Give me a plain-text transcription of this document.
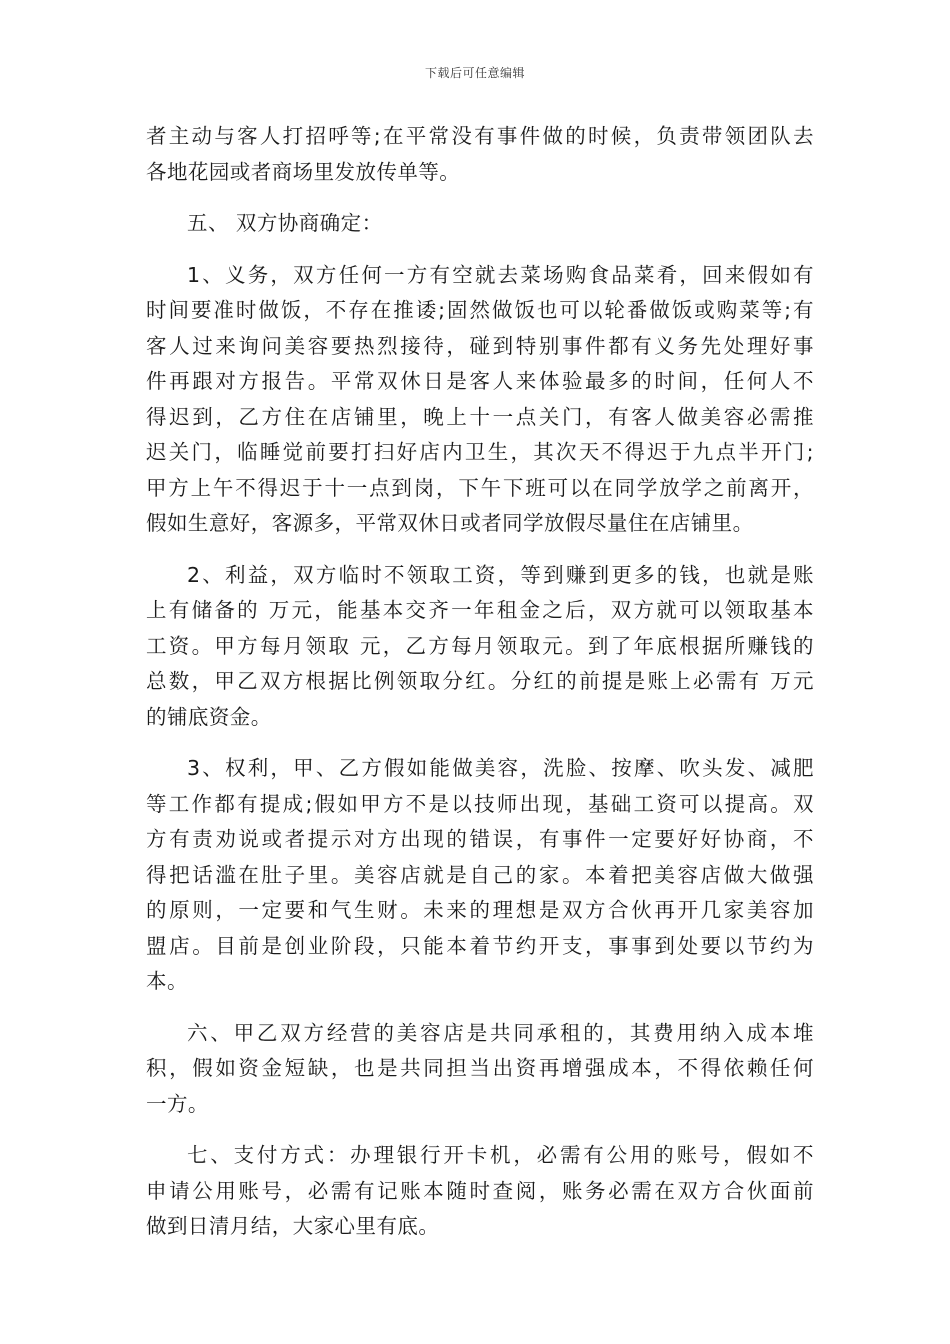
下载后可任意编辑
者主动与客人打招呼等;在平常没有事件做的时候，负责带领团队去
各地花园或者商场里发放传单等。
五、 双方协商确定：
1、义务，双方任何一方有空就去菜场购食品菜肴，回来假如有
时间要准时做饭，不存在推诿;固然做饭也可以轮番做饭或购菜等;有
客人过来询问美容要热烈接待，碰到特别事件都有义务先处理好事
件再跟对方报告。平常双休日是客人来体验最多的时间，任何人不
得迟到，乙方住在店铺里，晚上十一点关门，有客人做美容必需推
迟关门，临睡觉前要打扫好店内卫生，其次天不得迟于九点半开门;
甲方上午不得迟于十一点到岗，下午下班可以在同学放学之前离开，
假如生意好，客源多，平常双休日或者同学放假尽量住在店铺里。
2、利益，双方临时不领取工资，等到赚到更多的钱，也就是账
上有储备的 万元，能基本交齐一年租金之后，双方就可以领取基本
工资。甲方每月领取 元，乙方每月领取元。到了年底根据所赚钱的
总数，甲乙双方根据比例领取分红。分红的前提是账上必需有 万元
的铺底资金。
3、权利，甲、乙方假如能做美容，洗脸、按摩、吹头发、减肥
等工作都有提成;假如甲方不是以技师出现，基础工资可以提高。双
方有责劝说或者提示对方出现的错误，有事件一定要好好协商，不
得把话滥在肚子里。美容店就是自己的家。本着把美容店做大做强
的原则，一定要和气生财。未来的理想是双方合伙再开几家美容加
盟店。目前是创业阶段，只能本着节约开支，事事到处要以节约为
本。
六、甲乙双方经营的美容店是共同承租的，其费用纳入成本堆
积，假如资金短缺，也是共同担当出资再增强成本，不得依赖任何
一方。
七、支付方式：办理银行开卡机，必需有公用的账号，假如不
申请公用账号，必需有记账本随时查阅，账务必需在双方合伙面前
做到日清月结，大家心里有底。
